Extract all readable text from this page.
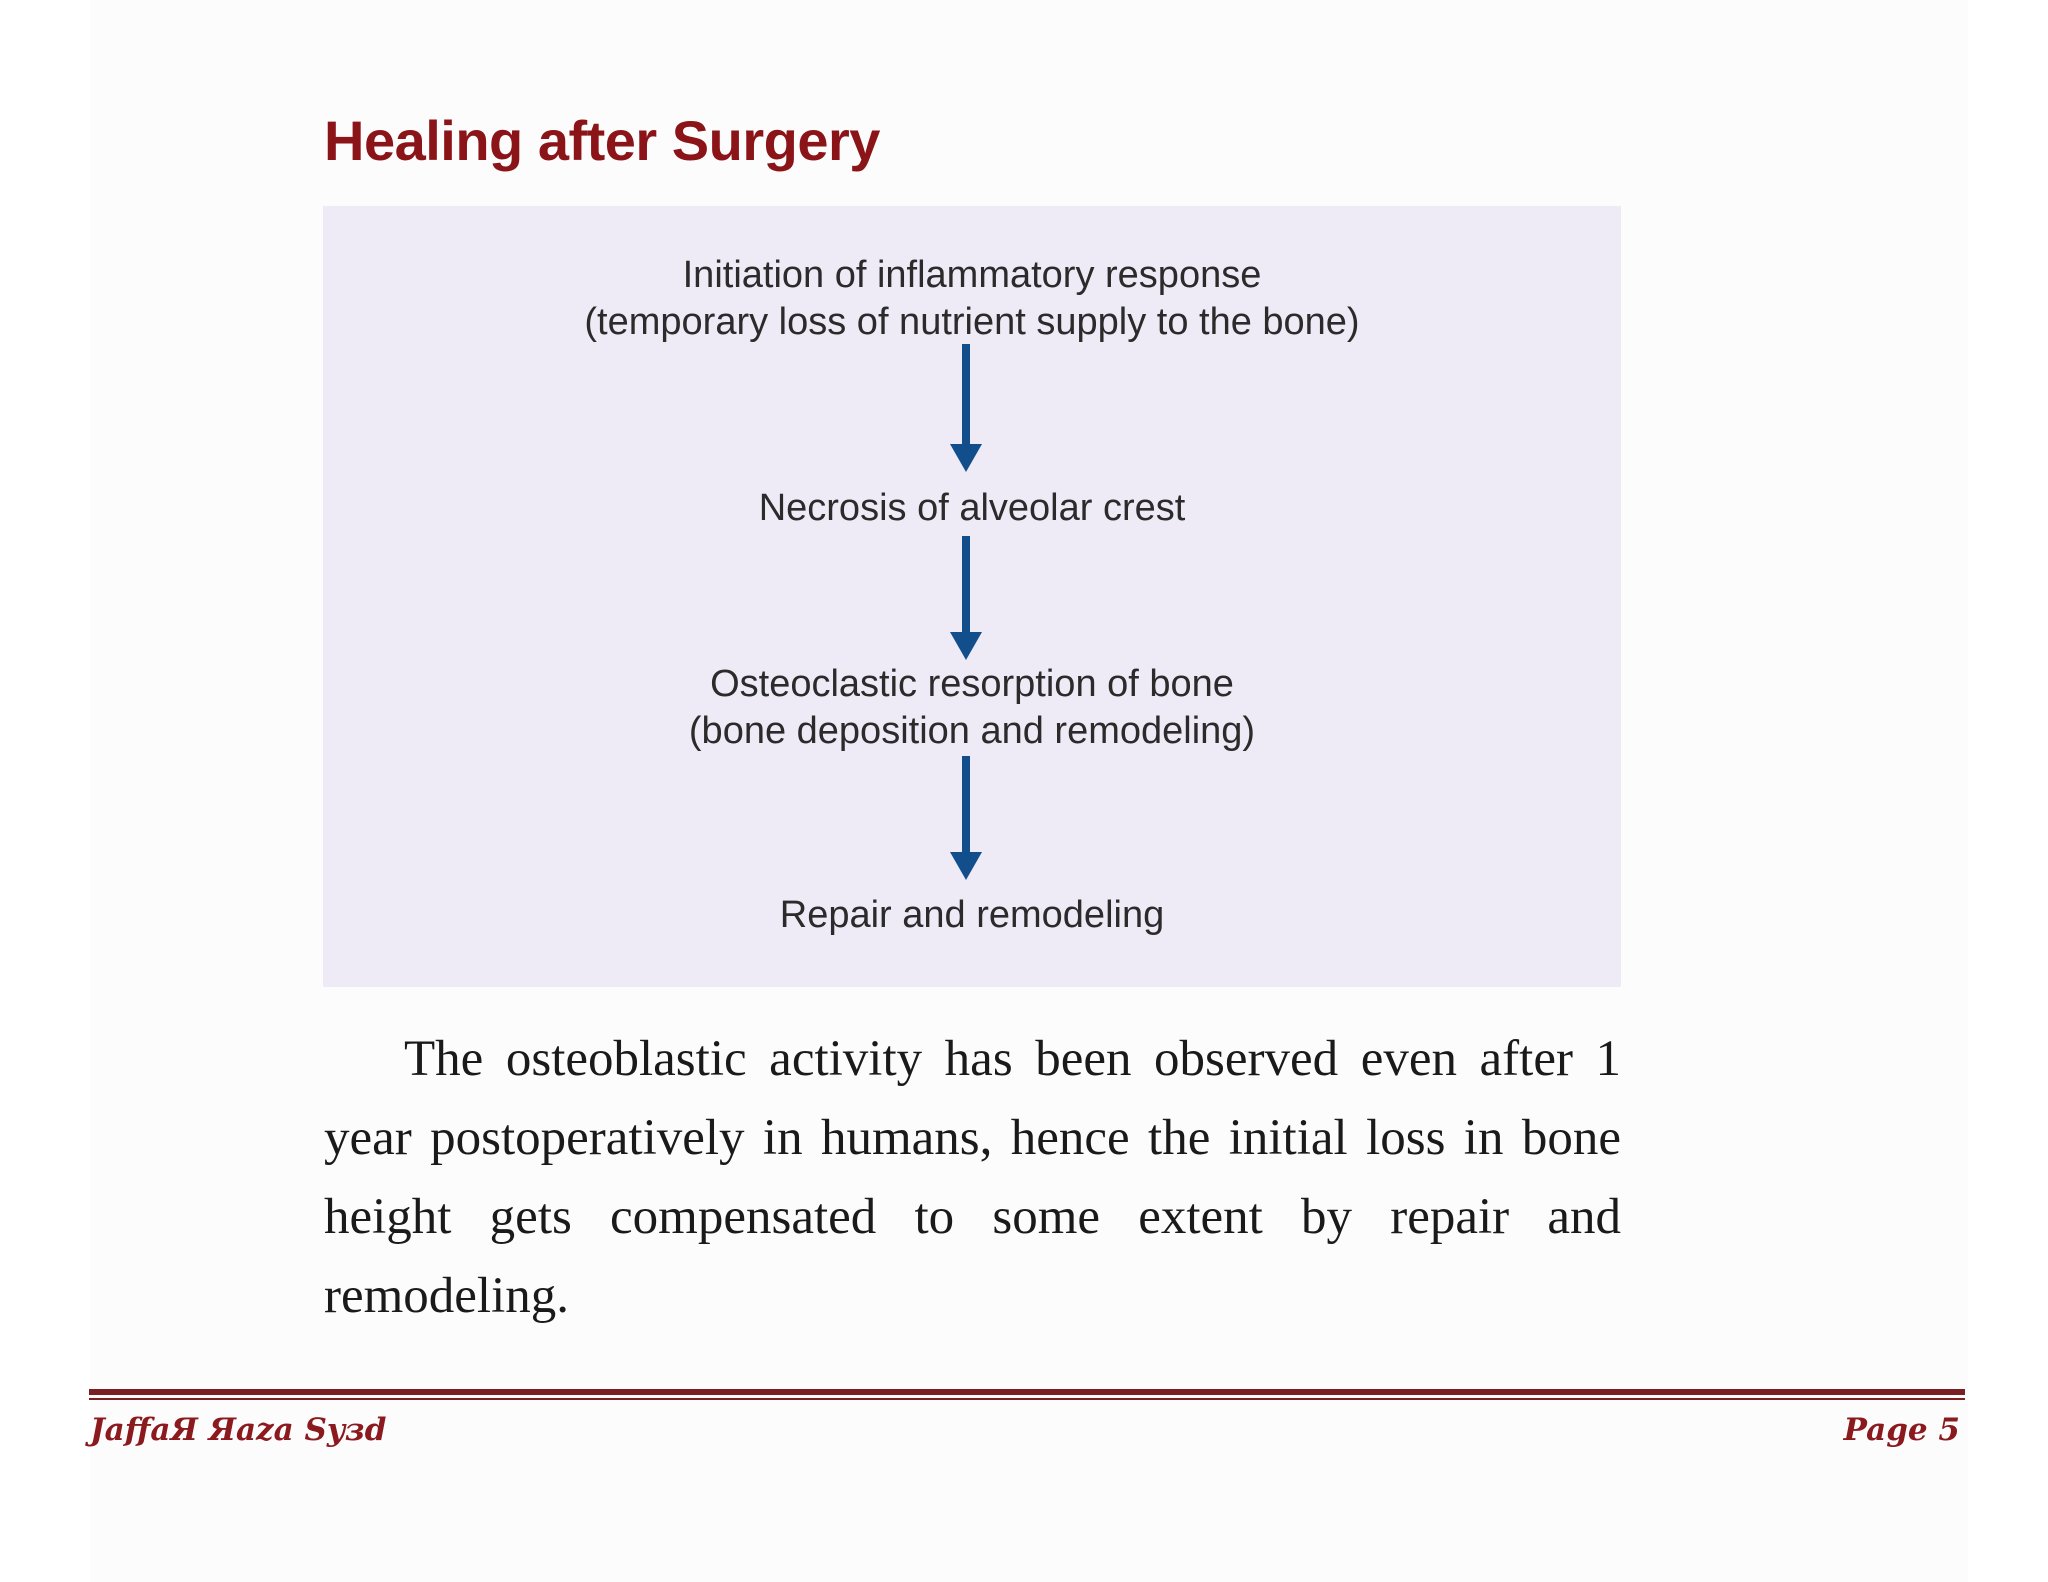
Healing after Surgery
Initiation of inflammatory response
(temporary loss of nutrient supply to the bone)
Necrosis of alveolar crest
Osteoclastic resorption of bone
(bone deposition and remodeling)
Repair and remodeling
The osteoblastic activity has been observed even after 1 year postoperatively in humans, hence the initial loss in bone height gets compensated to some extent by repair and remodeling.
JaffaЯ Яaza Syзd	Page 5
